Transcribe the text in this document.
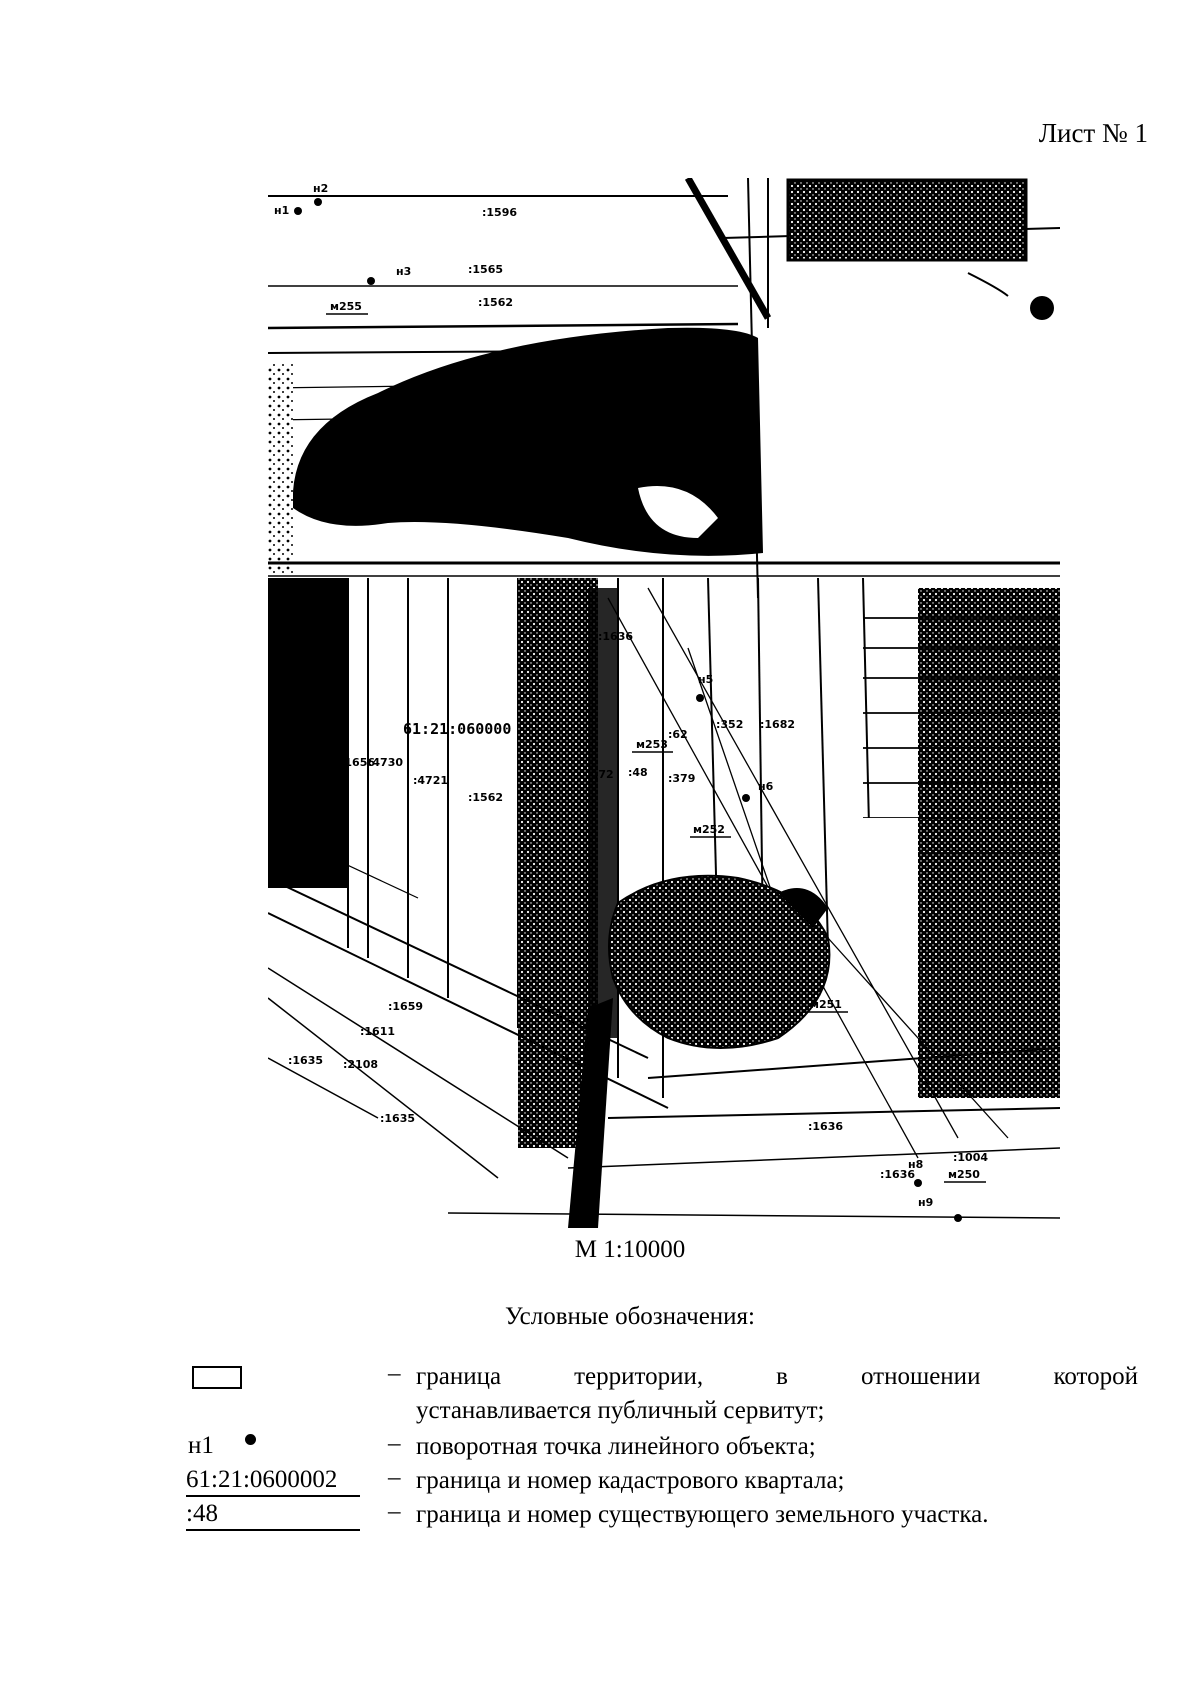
Лист № 1
н1
н2
н3
н5
н6
н8
н9
:1596
:1565
:1562
:1656
:4730
:4721
:1562
:1636
:62
:352 :1682
:72 :48 :379
:1659
:1611
:1635 :2108
:1635
:1004
:1636
:1636
м255
м253
м252
м251
м250
61:21:060000
М 1:10000
Условные обозначения:
– граница территории, в отношении которой
устанавливается публичный сервитут;
н1	– поворотная точка линейного объекта;
61:21:0600002	– граница и номер кадастрового квартала;
:48	– граница и номер существующего земельного участка.
